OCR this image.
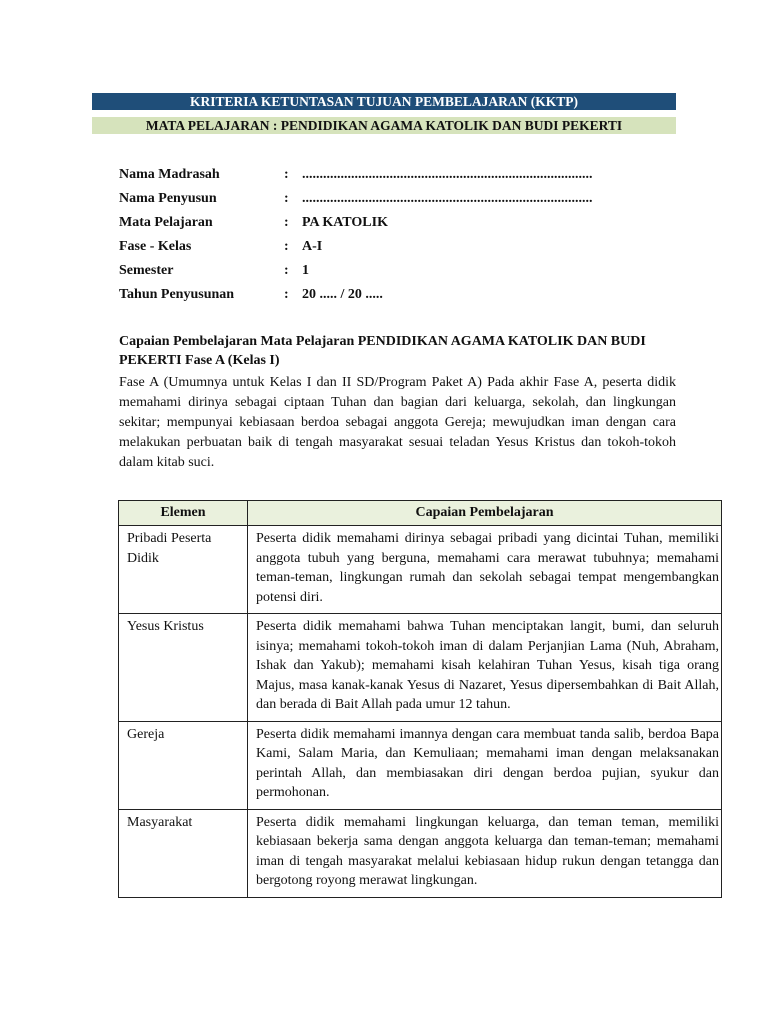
KRITERIA KETUNTASAN TUJUAN PEMBELAJARAN (KKTP)
MATA PELAJARAN : PENDIDIKAN AGAMA KATOLIK DAN BUDI PEKERTI
Nama Madrasah	: ...................................................................................
Nama Penyusun	: ...................................................................................
Mata Pelajaran	: PA KATOLIK
Fase - Kelas	: A-I
Semester	: 1
Tahun Penyusunan	: 20 ..... / 20 .....
Capaian Pembelajaran Mata Pelajaran PENDIDIKAN AGAMA KATOLIK DAN BUDI PEKERTI Fase A (Kelas I)
Fase A (Umumnya untuk Kelas I dan II SD/Program Paket A) Pada akhir Fase A, peserta didik memahami dirinya sebagai ciptaan Tuhan dan bagian dari keluarga, sekolah, dan lingkungan sekitar; mempunyai kebiasaan berdoa sebagai anggota Gereja; mewujudkan iman dengan cara melakukan perbuatan baik di tengah masyarakat sesuai teladan Yesus Kristus dan tokoh-tokoh dalam kitab suci.
Elemen	Capaian Pembelajaran
Pribadi Peserta Didik	Peserta didik memahami dirinya sebagai pribadi yang dicintai Tuhan, memiliki anggota tubuh yang berguna, memahami cara merawat tubuhnya; memahami teman-teman, lingkungan rumah dan sekolah sebagai tempat mengembangkan potensi diri.
Yesus Kristus	Peserta didik memahami bahwa Tuhan menciptakan langit, bumi, dan seluruh isinya; memahami tokoh-tokoh iman di dalam Perjanjian Lama (Nuh, Abraham, Ishak dan Yakub); memahami kisah kelahiran Tuhan Yesus, kisah tiga orang Majus, masa kanak-kanak Yesus di Nazaret, Yesus dipersembahkan di Bait Allah, dan berada di Bait Allah pada umur 12 tahun.
Gereja	Peserta didik memahami imannya dengan cara membuat tanda salib, berdoa Bapa Kami, Salam Maria, dan Kemuliaan; memahami iman dengan melaksanakan perintah Allah, dan membiasakan diri dengan berdoa pujian, syukur dan permohonan.
Masyarakat	Peserta didik memahami lingkungan keluarga, dan teman teman, memiliki kebiasaan bekerja sama dengan anggota keluarga dan teman-teman; memahami iman di tengah masyarakat melalui kebiasaan hidup rukun dengan tetangga dan bergotong royong merawat lingkungan.
